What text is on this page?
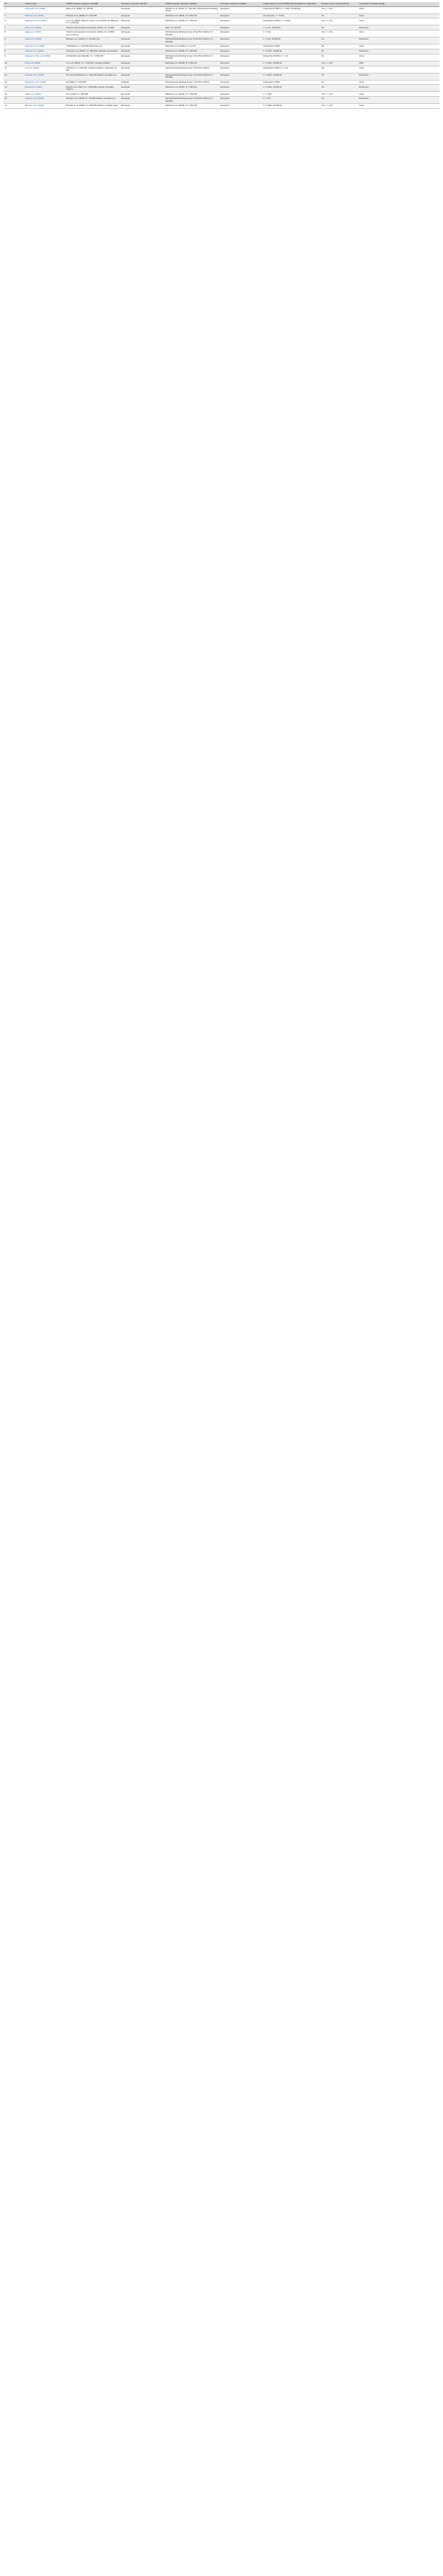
ID	Author year	GWAS sample exposure variable	Ancestry exposure sample	GWAS sample outcome variable	Ancestry outcome variable	Independence of the SNPs (LD threshold or otherwise)	Proxies used, and threshold	Correction multiple testing
1	Ahluwalia et al. (2018)	Ware et al. (2016), N = 25,301	European	Wootton et al. (2018), N = 462,690; Schizophrenia Working Group	European	Independent SNPs (r² < 0.001, 10,000 kb)	Yes, r² > 0.8	None
2	Bahrami et al. (2020)	Pasman et al. (2018), N = 184,765	European	Pardinas et al. (2018), N = 105,318	European	LD clumping, r² < 0.001	No	None
3	Barkhuizen et al. (2020)	Liu et al. (2019); Karlsson Linnér et al. (2019); UK Biobank, N = 1,232,091	European	Pardinas et al. (2018), N = 105,318	European	Independent SNPs (r² < 0.001)	Yes, r² > 0.8	None
4	Chen et al. (2019)	Tobacco and Genetics Consortium (2010), N = 74,053	European	PGC, N = 82,315	European	r² < 0.01, 10,000 kb	No	Bonferroni
5	Gage et al. (2017)	Tobacco and Genetics Consortium (2010), N = 74,053; ever smoking	European	Schizophrenia Working Group of the PGC (2014), N = 150,064	European	r² < 0.01	Yes, r² > 0.8	None
6	Gage et al. (2018)	Stringer et al. (2016), N = 32,330; ICC	European	Schizophrenia Working Group of the PGC (2014), N = 150,064	European	r² < 0.01, 10,000 kb	No	Bonferroni
7	Hiemstra et al. (2018)	UK Biobank, N = 332,000; illicit drug use	European	Hiemstra et al. (2018), N = 11,728	European	Independent SNPs	No	None
8	Johnson et al. (2021)	Johnson et al. (2020), N = 384,954; cannabis use disorder	European	Pardinas et al. (2018), N = 105,318	European	r² < 0.001, 10,000 kb	No	Bonferroni
9	Karlsson Linnér et al. (2019)	UK Biobank and 23andMe, N = 1,030,000	European	Schizophrenia Working Group of the PGC (2014), N = 150,064	European	Independent SNPs (r² < 0.1)	No	None
10	King et al. (2020)	Liu et al. (2019), N = 1,232,091; smoking initiation	European	Pardinas et al. (2018), N = 105,318	European	r² < 0.001, 10,000 kb	Yes, r² > 0.8	FDR
11	Liu et al. (2019)	GSCAN, N = 1,232,091; smoking initiation, cigarettes per day	European	Schizophrenia Working Group of the PGC (2014)	European	Independent SNPs (r² < 0.1)	No	None
12	Pasman et al. (2018)	ICC and UK Biobank, N = 184,765; lifetime cannabis use	European	Schizophrenia Working Group of the PGC (2014), N = 150,064	European	r² < 0.001, 10,000 kb	No	Bonferroni
13	Reginsson et al. (2018)	deCODE, N = 150,000	Icelandic	Schizophrenia Working Group of the PGC (2014)	European	Independent SNPs	No	None
14	Rosoff et al. (2021)	Rosoff et al. (2021), N = 1,230,000; alcohol, cannabis, tobacco	European	Pardinas et al. (2018), N = 105,318	European	r² < 0.001, 10,000 kb	No	Bonferroni
15	Sallis et al. (2021)	ICC (2018), N = 184,765	European	Pardinas et al. (2018), N = 105,318	European	r² < 0.001	Yes, r² > 0.8	None
16	Vaucher et al. (2018)	Stringer et al. (2016), N = 32,330; lifetime cannabis use	European	Schizophrenia Working Group of the PGC (2014), N = 150,064	European	r² < 0.01	No	Bonferroni
17	Wootton et al. (2020)	Wootton et al. (2020), N = 462,690; lifetime smoking index	European	Pardinas et al. (2018), N = 105,318	European	r² < 0.001, 10,000 kb	Yes, r² > 0.8	None
